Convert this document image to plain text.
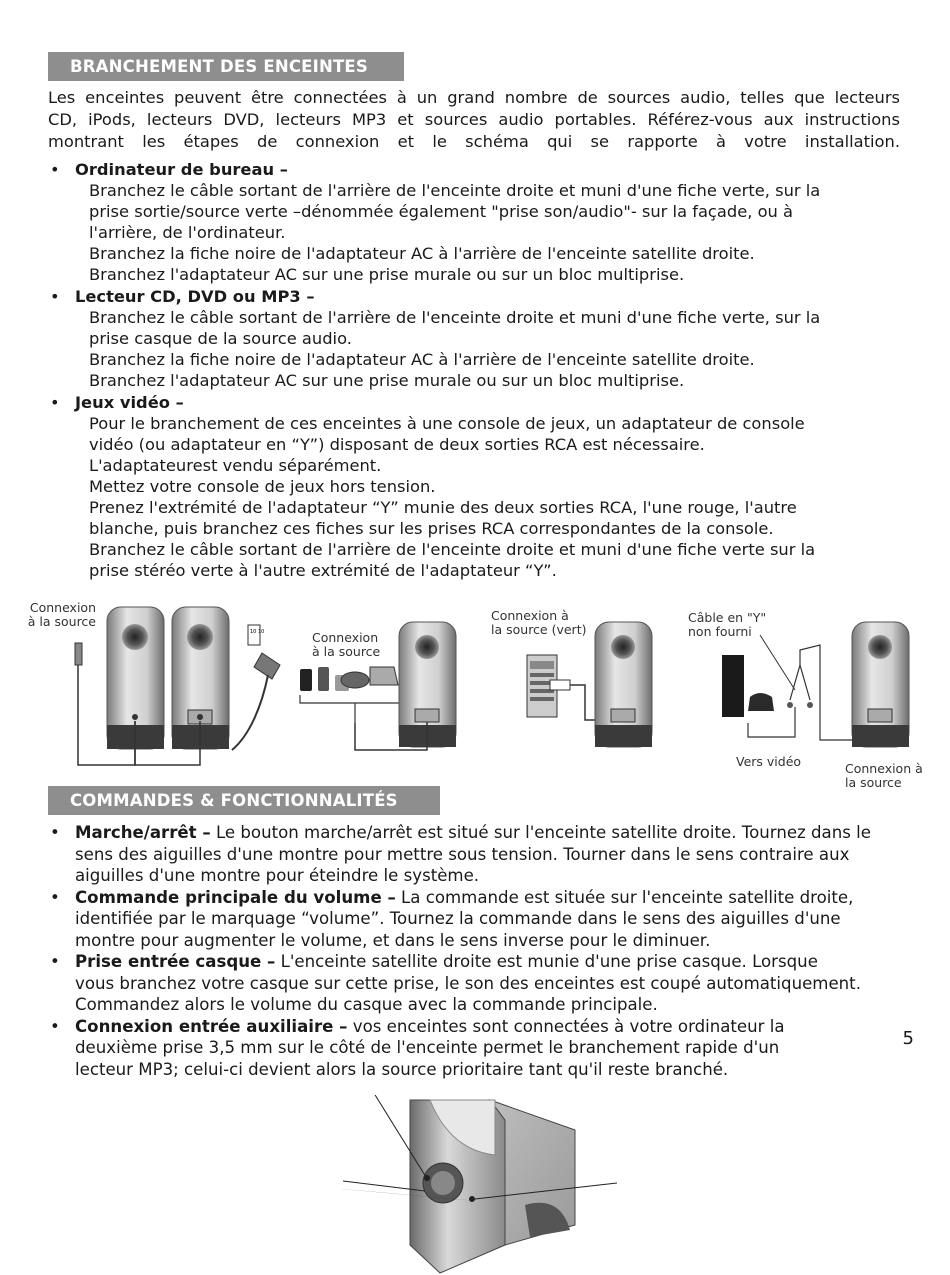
BRANCHEMENT DES ENCEINTES
Les enceintes peuvent être connectées à un grand nombre de sources audio, telles que lecteurs
CD, iPods, lecteurs DVD, lecteurs MP3 et sources audio portables. Référez-vous aux instructions
montrant les étapes de connexion et le schéma qui se rapporte à votre installation.
• Ordinateur de bureau –
Branchez le câble sortant de l'arrière de l'enceinte droite et muni d'une fiche verte, sur la
prise sortie/source verte –dénommée également "prise son/audio"- sur la façade, ou à
l'arrière, de l'ordinateur.
Branchez la fiche noire de l'adaptateur AC à l'arrière de l'enceinte satellite droite.
Branchez l'adaptateur AC sur une prise murale ou sur un bloc multiprise.
• Lecteur CD, DVD ou MP3 –
Branchez le câble sortant de l'arrière de l'enceinte droite et muni d'une fiche verte, sur la
prise casque de la source audio.
Branchez la fiche noire de l'adaptateur AC à l'arrière de l'enceinte satellite droite.
Branchez l'adaptateur AC sur une prise murale ou sur un bloc multiprise.
• Jeux vidéo –
Pour le branchement de ces enceintes à une console de jeux, un adaptateur de console
vidéo (ou adaptateur en “Y”) disposant de deux sorties RCA est nécessaire.
L'adaptateurest vendu séparément.
Mettez votre console de jeux hors tension.
Prenez l'extrémité de l'adaptateur “Y” munie des deux sorties RCA, l'une rouge, l'autre
blanche, puis branchez ces fiches sur les prises RCA correspondantes de la console.
Branchez le câble sortant de l'arrière de l'enceinte droite et muni d'une fiche verte sur la
prise stéréo verte à l'autre extrémité de l'adaptateur “Y”.
10 10
Connexion
à la source
Connexion
à la source
Connexion à
la source (vert)
Câble en "Y"
non fourni
Vers vidéo	Connexion à
la source
COMMANDES & FONCTIONNALITÉS
• Marche/arrêt – Le bouton marche/arrêt est situé sur l'enceinte satellite droite. Tournez dans le
sens des aiguilles d'une montre pour mettre sous tension. Tourner dans le sens contraire aux
aiguilles d'une montre pour éteindre le système.
• Commande principale du volume – La commande est située sur l'enceinte satellite droite,
identifiée par le marquage “volume”. Tournez la commande dans le sens des aiguilles d'une
montre pour augmenter le volume, et dans le sens inverse pour le diminuer.
• Prise entrée casque – L'enceinte satellite droite est munie d'une prise casque. Lorsque
vous branchez votre casque sur cette prise, le son des enceintes est coupé automatiquement.
Commandez alors le volume du casque avec la commande principale.
• Connexion entrée auxiliaire – vos enceintes sont connectées à votre ordinateur la
deuxième prise 3,5 mm sur le côté de l'enceinte permet le branchement rapide d'un
lecteur MP3; celui-ci devient alors la source prioritaire tant qu'il reste branché.
5
